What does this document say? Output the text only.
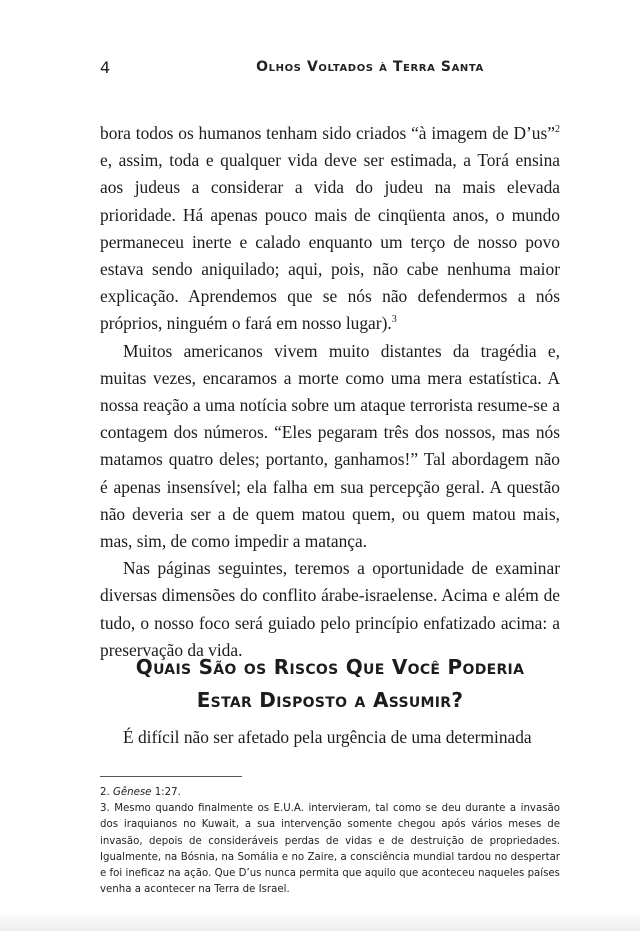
4	Olhos Voltados à Terra Santa

bora todos os humanos tenham sido criados “à imagem de D’us”$^2$ e, assim, toda e qualquer vida deve ser estimada, a Torá ensina aos judeus a considerar a vida do judeu na mais elevada prioridade. Há apenas pouco mais de cinqüenta anos, o mundo permaneceu inerte e calado enquanto um terço de nosso povo estava sendo aniquilado; aqui, pois, não cabe nenhuma maior explicação. Aprendemos que se nós não defendermos a nós próprios, ninguém o fará em nosso lugar).$^3$

Muitos americanos vivem muito distantes da tragédia e, muitas vezes, encaramos a morte como uma mera estatística. A nossa reação a uma notícia sobre um ataque terrorista resume-se a contagem dos números. “Eles pegaram três dos nossos, mas nós matamos quatro deles; portanto, ganhamos!” Tal abordagem não é apenas insensível; ela falha em sua percepção geral. A questão não deveria ser a de quem matou quem, ou quem matou mais, mas, sim, de como impedir a matança.

Nas páginas seguintes, teremos a oportunidade de examinar diversas dimensões do conflito árabe-israelense. Acima e além de tudo, o nosso foco será guiado pelo princípio enfatizado acima: a preservação da vida.

Quais São os Riscos Que Você Poderia
Estar Disposto a Assumir?
É difícil não ser afetado pela urgência de uma determinada

2. Gênese 1:27.

3. Mesmo quando finalmente os E.U.A. intervieram, tal como se deu durante a invasão dos iraquianos no Kuwait, a sua intervenção somente chegou após vários meses de invasão, depois de consideráveis perdas de vidas e de destruição de propriedades. Igualmente, na Bósnia, na Somália e no Zaire, a consciência mundial tardou no despertar e foi ineficaz na ação. Que D’us nunca permita que aquilo que aconteceu naqueles países venha a acontecer na Terra de Israel.
